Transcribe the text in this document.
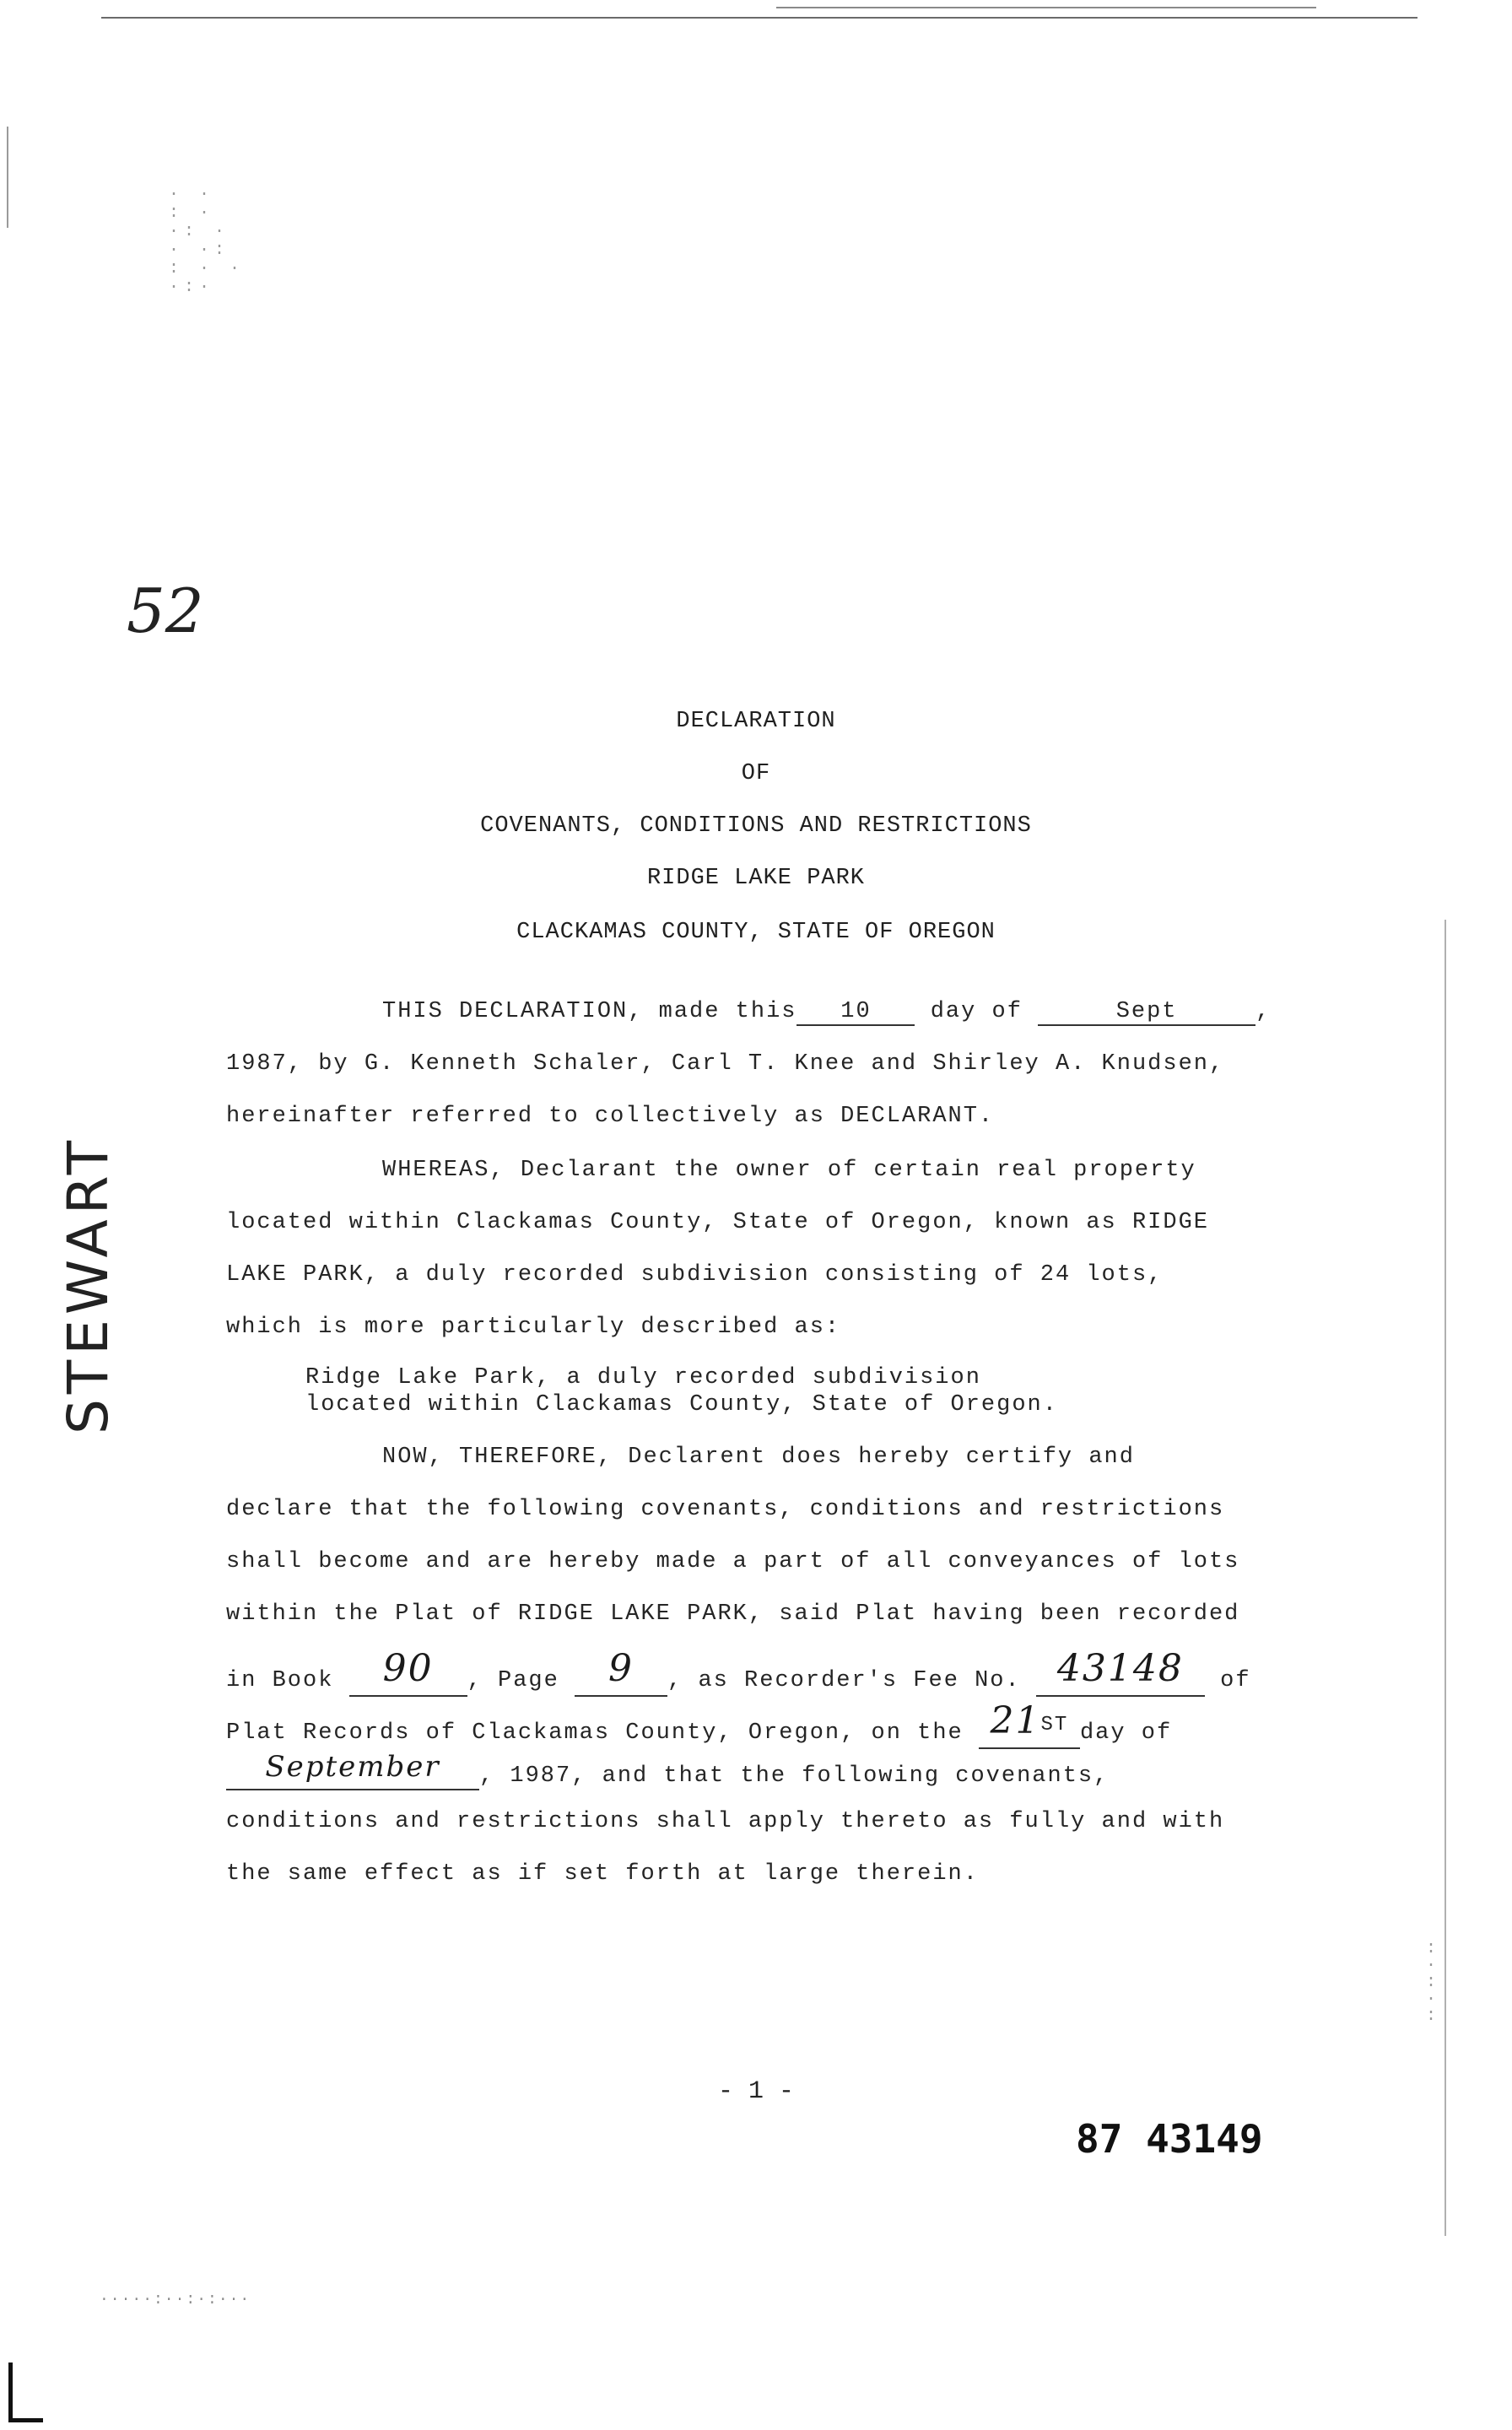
· ·
: ·
·: ·
· ·:
: · ·
·:·
:
·
:
·
:
·····:··:·:···
52
STEWART
DECLARATION
OF
COVENANTS, CONDITIONS AND RESTRICTIONS
RIDGE LAKE PARK
CLACKAMAS COUNTY, STATE OF OREGON
THIS DECLARATION, made this 10	day of	Sept	,
1987, by G. Kenneth Schaler, Carl T. Knee and Shirley A. Knudsen,
hereinafter referred to collectively as DECLARANT.
WHEREAS, Declarant the owner of certain real property
located within Clackamas County, State of Oregon, known as RIDGE
LAKE PARK, a duly recorded subdivision consisting of 24 lots,
which is more particularly described as:
Ridge Lake Park, a duly recorded subdivision
located within Clackamas County, State of Oregon.
NOW, THEREFORE, Declarent does hereby certify and
declare that the following covenants, conditions and restrictions
shall become and are hereby made a part of all conveyances of lots
within the Plat of RIDGE LAKE PARK, said Plat having been recorded
in Book 90 , Page 9 , as Recorder's Fee No. 43148 of
Plat Records of Clackamas County, Oregon, on the 21ST day of
September , 1987, and that the following covenants,
conditions and restrictions shall apply thereto as fully and with
the same effect as if set forth at large therein.
- 1 -
87 43149
